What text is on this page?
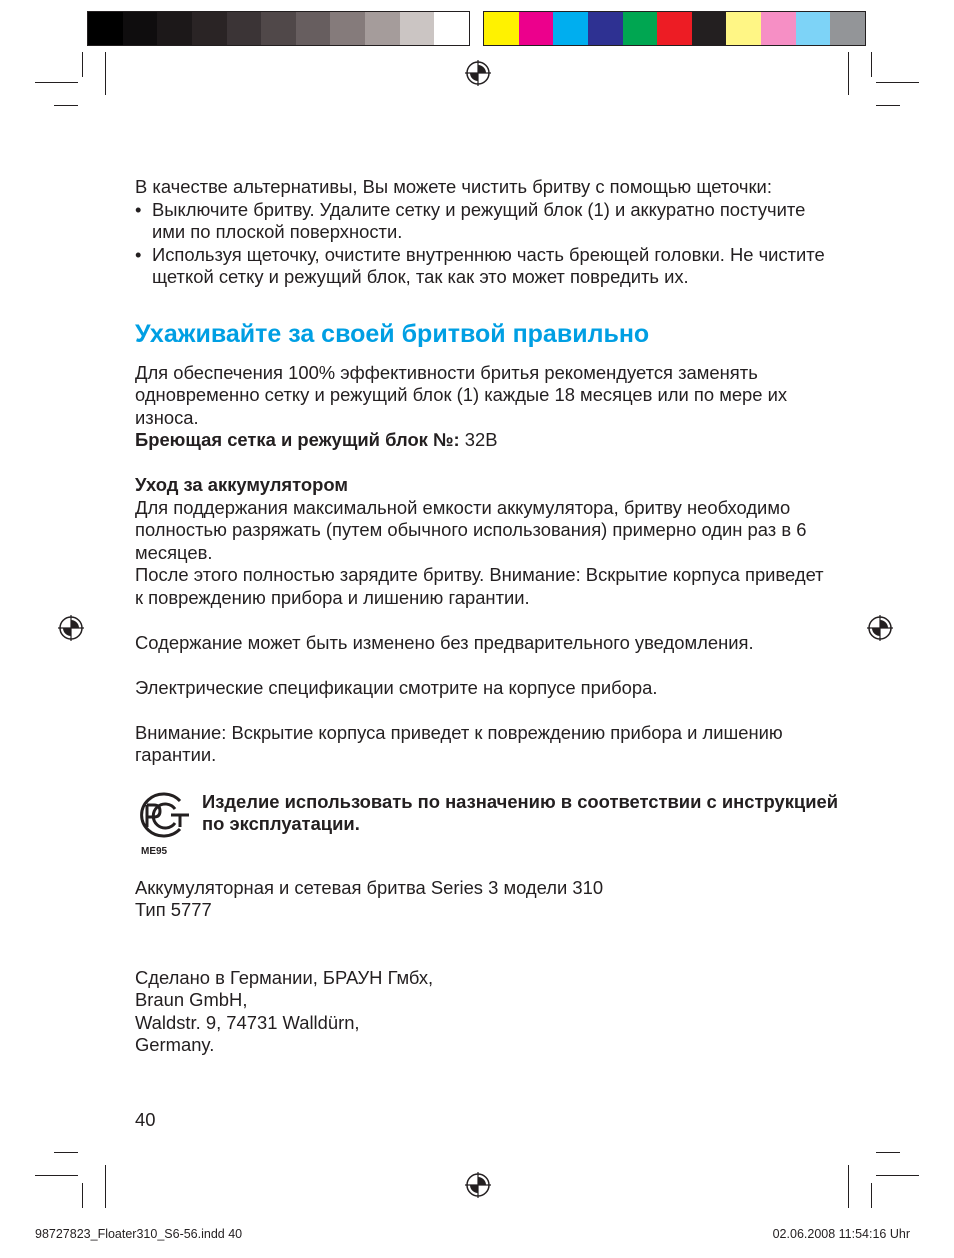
В качестве альтернативы, Вы можете чистить бритву с помощью щеточки:

• Выключите бритву. Удалите сетку и режущий блок (1) и аккуратно постучите ими по плоской поверхности.

• Используя щеточку, очистите внутреннюю часть бреющей головки. Не чистите щеткой сетку и режущий блок, так как это может повредить их.

Ухаживайте за своей бритвой правильно

Для обеспечения 100% эффективности бритья рекомендуется заменять одновременно сетку и режущий блок (1) каждые 18 месяцев или по мере их износа.

Бреющая сетка и режущий блок №: 32B

Уход за аккумулятором

Для поддержания максимальной емкости аккумулятора, бритву необходимо полностью разряжать (путем обычного использования) примерно один раз в 6 месяцев.

После этого полностью зарядите бритву. Внимание: Вскрытие корпуса приведет к повреждению прибора и лишению гарантии.

Содержание может быть изменено без предварительного уведомления.

Электрические спецификации смотрите на корпусе прибора.

Внимание: Вскрытие корпуса приведет к повреждению прибора и лишению гарантии.

МЕ95
Изделие использовать по назначению в соответствии с инструкцией по эксплуатации.

Аккумуляторная и сетевая бритва Series 3 модели 310

Тип 5777

Сделано в Германии, БРАУН Гмбх,

Braun GmbH,

Waldstr. 9, 74731 Walldürn,

Germany.

40
98727823_Floater310_S6-56.indd 40	02.06.2008 11:54:16 Uhr
